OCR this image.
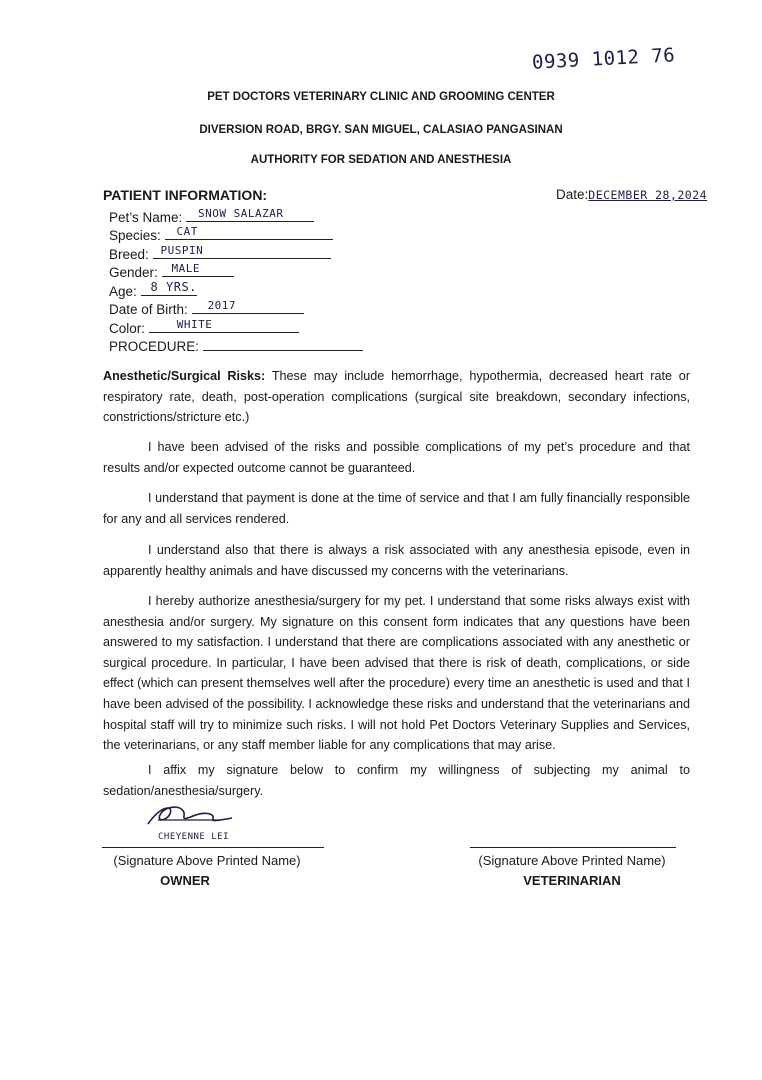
0939 1012 76
PET DOCTORS VETERINARY CLINIC AND GROOMING CENTER
DIVERSION ROAD, BRGY. SAN MIGUEL, CALASIAO PANGASINAN
AUTHORITY FOR SEDATION AND ANESTHESIA
PATIENT INFORMATION:	Date:DECEMBER 28,2024
Pet’s Name: SNOW SALAZAR
Species: CAT
Breed: PUSPIN
Gender: MALE
Age: 8 YRS.
Date of Birth: 2017
Color:	WHITE
PROCEDURE:
Anesthetic/Surgical Risks: These may include hemorrhage, hypothermia, decreased heart rate or respiratory rate, death, post-operation complications (surgical site breakdown, secondary infections, constrictions/stricture etc.)
I have been advised of the risks and possible complications of my pet’s procedure and that results and/or expected outcome cannot be guaranteed.
I understand that payment is done at the time of service and that I am fully financially responsible for any and all services rendered.
I understand also that there is always a risk associated with any anesthesia episode, even in apparently healthy animals and have discussed my concerns with the veterinarians.
I hereby authorize anesthesia/surgery for my pet. I understand that some risks always exist with anesthesia and/or surgery. My signature on this consent form indicates that any questions have been answered to my satisfaction. I understand that there are complications associated with any anesthetic or surgical procedure. In particular, I have been advised that there is risk of death, complications, or side effect (which can present themselves well after the procedure) every time an anesthetic is used and that I have been advised of the possibility. I acknowledge these risks and understand that the veterinarians and hospital staff will try to minimize such risks. I will not hold Pet Doctors Veterinary Supplies and Services, the veterinarians, or any staff member liable for any complications that may arise.
I affix my signature below to confirm my willingness of subjecting my animal to sedation/anesthesia/surgery.
CHEYENNE LEI
(Signature Above Printed Name)
OWNER
(Signature Above Printed Name)
VETERINARIAN
